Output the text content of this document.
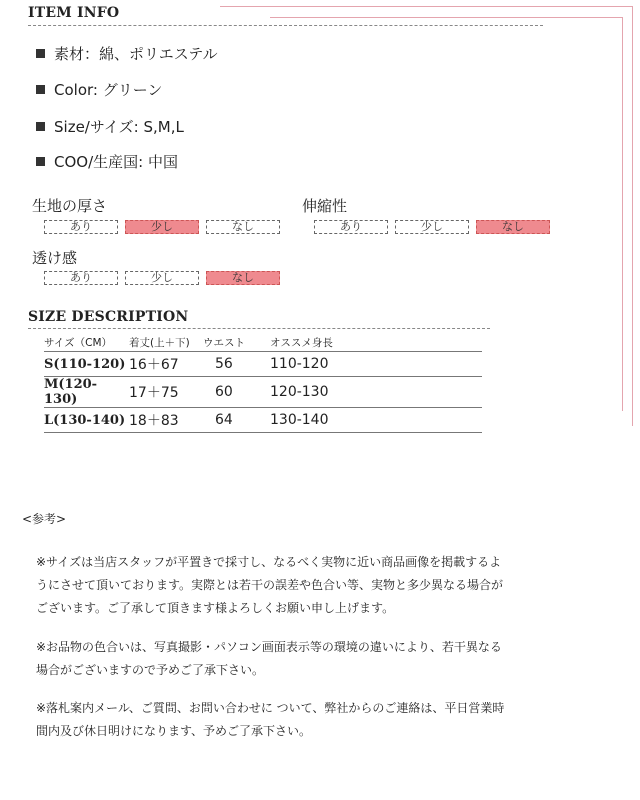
ITEM INFO
素材：綿、ポリエステル
Color: グリーン
Size/サイズ: S,M,L
COO/生産国: 中国
生地の厚さ
あり	少し	なし
伸縮性
あり	少し	なし
透け感
あり	少し	なし
SIZE DESCRIPTION
サイズ（CM）	着丈(上＋下)	ウエスト	オススメ身長
S(110-120)	16＋67	56	110-120
M(120-130)	17＋75	60	120-130
L(130-140)	18＋83	64	130-140
<参考>
※サイズは当店スタッフが平置きで採寸し、なるべく実物に近い商品画像を掲載するよ
うにさせて頂いております。実際とは若干の誤差や色合い等、実物と多少異なる場合が
ございます。ご了承して頂きます様よろしくお願い申し上げます。
※お品物の色合いは、写真撮影・パソコン画面表示等の環境の違いにより、若干異なる
場合がございますので予めご了承下さい。
※落札案内メール、ご質問、お問い合わせに ついて、弊社からのご連絡は、平日営業時
間内及び休日明けになります、予めご了承下さい。
